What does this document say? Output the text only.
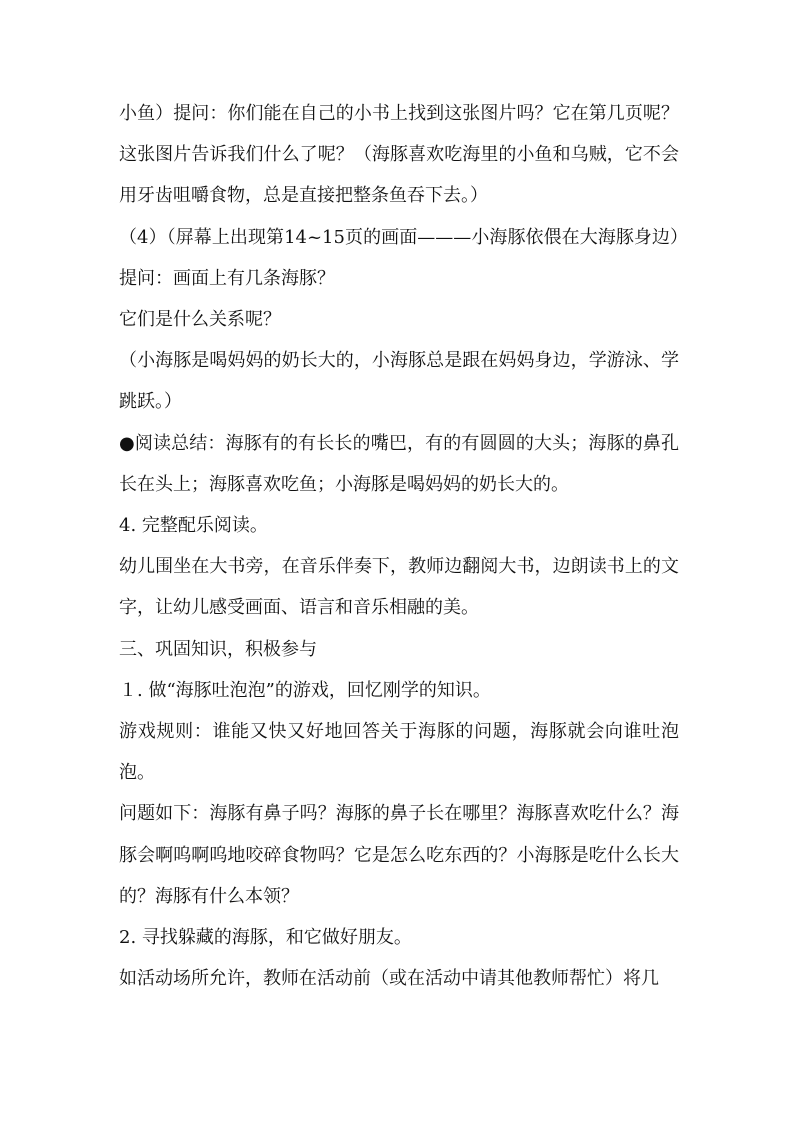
小鱼）提问：你们能在自己的小书上找到这张图片吗？它在第几页呢？这张图片告诉我们什么了呢？（海豚喜欢吃海里的小鱼和乌贼，它不会用牙齿咀嚼食物，总是直接把整条鱼吞下去。）

（4）（屏幕上出现第14~15页的画面———小海豚依偎在大海豚身边）提问：画面上有几条海豚？

它们是什么关系呢？

（小海豚是喝妈妈的奶长大的，小海豚总是跟在妈妈身边，学游泳、学跳跃。）

●阅读总结：海豚有的有长长的嘴巴，有的有圆圆的大头；海豚的鼻孔长在头上；海豚喜欢吃鱼；小海豚是喝妈妈的奶长大的。

4. 完整配乐阅读。

幼儿围坐在大书旁，在音乐伴奏下，教师边翻阅大书，边朗读书上的文字，让幼儿感受画面、语言和音乐相融的美。

三、巩固知识，积极参与

１. 做“海豚吐泡泡”的游戏，回忆刚学的知识。

游戏规则：谁能又快又好地回答关于海豚的问题，海豚就会向谁吐泡泡。

问题如下：海豚有鼻子吗？海豚的鼻子长在哪里？海豚喜欢吃什么？海豚会啊呜啊呜地咬碎食物吗？它是怎么吃东西的？小海豚是吃什么长大的？海豚有什么本领？

2. 寻找躲藏的海豚，和它做好朋友。

如活动场所允许，教师在活动前（或在活动中请其他教师帮忙）将几
